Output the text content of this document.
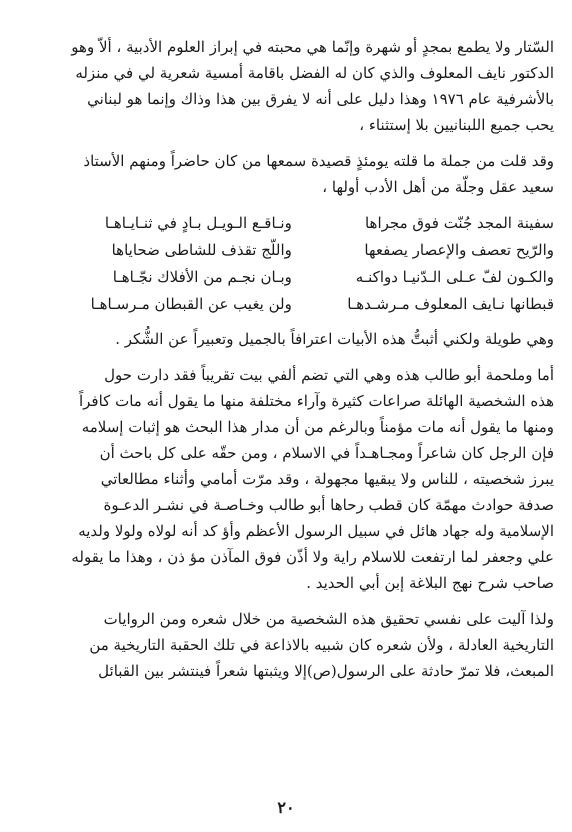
السّتار ولا يطمع بمجدٍ أو شهرة وإنّما هي محبته في إبراز العلوم الأدبية ، ألاّ وهو
الدكتور نايف المعلوف والذي كان له الفضل باقامة أمسية شعرية لي في منزله
بالأشرفية عام ١٩٧٦ وهذا دليل على أنه لا يفرق بين هذا وذاك وإنما هو لبناني
يحب جميع اللبنانيين بلا إستثناء ،

وقد قلت من جملة ما قلته يومئذٍ قصيدة سمعها من كان حاضراً ومنهم الأستاذ
سعيد عقل وجلّة من أهل الأدب أولها ،

سفينة المجد جُنّت فوق مجراها
ونـاقـع الـويـل بـادٍ في ثنـايـاهـا
والرّيح تعصف والإعصار يصفعها
واللّج تقذف للشاطى ضحاياها
والكـون لفّ عـلى الـدّنيـا دواكنـه
وبـان نجـم من الأفلاك نجّـاهـا
قبطانها نـايف المعلوف مـرشـدهـا
ولن يغيب عن القبطان مـرسـاهـا

وهي طويلة ولكني أثبتُّ هذه الأبيات اعترافاً بالجميل وتعبيراً عن الشُّكر .

أما وملحمة أبو طالب هذه وهي التي تضم ألفي بيت تقريباً فقد دارت حول
هذه الشخصية الهائلة صراعات كثيرة وآراء مختلفة منها ما يقول أنه مات كافراً
ومنها ما يقول أنه مات مؤمناً وبالرغم من أن مدار هذا البحث هو إثبات إسلامه
فإن الرجل كان شاعراً ومجـاهـداً في الاسلام ، ومن حقّه على كل باحث أن
يبرز شخصيته ، للناس ولا يبقيها مجهولة ، وقد مرّت أمامي وأثناء مطالعاتي
صدفة حوادث مهمّة كان قطب رحاها أبو طالب وخـاصـة في نشـر الدعـوة
الإسلامية وله جهاد هائل في سبيل الرسول الأعظم وأؤ كد أنه لولاه ولولا ولديه
علي وجعفر لما ارتفعت للاسلام راية ولا أذّن فوق المآذن مؤ ذن ، وهذا ما يقوله
صاحب شرح نهج البلاغة إبن أبي الحديد .

ولذا آليت على نفسي تحقيق هذه الشخصية من خلال شعره ومن الروايات
التاريخية العادلة ، ولأن شعره كان شبيه بالاذاعة في تلك الحقبة التاريخية من
المبعث، فلا تمرّ حادثة على الرسول(ص)إلا ويثبتها شعراً فينتشر بين القبائل

٢٠
